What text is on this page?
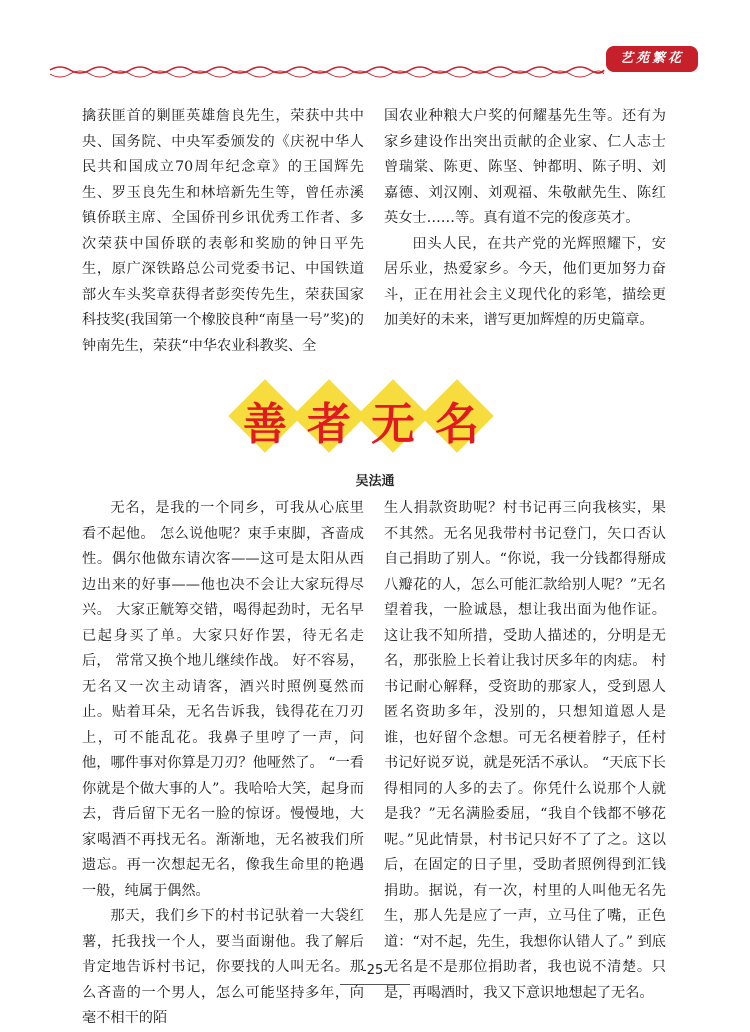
艺苑繁花

擒获匪首的剿匪英雄詹良先生，荣获中共中央、国务院、中央军委颁发的《庆祝中华人民共和国成立70周年纪念章》的王国辉先生、罗玉良先生和林培新先生等，曾任赤溪镇侨联主席、全国侨刊乡讯优秀工作者、多次荣获中国侨联的表彰和奖励的钟日平先生，原广深铁路总公司党委书记、中国铁道部火车头奖章获得者彭奕传先生，荣获国家科技奖(我国第一个橡胶良种“南垦一号”奖)的钟南先生，荣获“中华农业科教奖、全

国农业种粮大户奖的何耀基先生等。还有为家乡建设作出突出贡献的企业家、仁人志士曾瑞棠、陈更、陈坚、钟都明、陈子明、刘嘉德、刘汉刚、刘观福、朱敬献先生、陈红英女士……等。真有道不完的俊彦英才。

田头人民，在共产党的光辉照耀下，安居乐业，热爱家乡。今天，他们更加努力奋斗，正在用社会主义现代化的彩笔，描绘更加美好的未来，谱写更加辉煌的历史篇章。

善 者 无 名
吴法通

无名，是我的一个同乡，可我从心底里看不起他。 怎么说他呢？束手束脚，吝啬成性。偶尔他做东请次客——这可是太阳从西边出来的好事——他也决不会让大家玩得尽兴。 大家正觥筹交错，喝得起劲时，无名早已起身买了单。大家只好作罢，待无名走后， 常常又换个地儿继续作战。 好不容易，无名又一次主动请客，酒兴时照例戛然而止。贴着耳朵，无名告诉我，钱得花在刀刃上，可不能乱花。我鼻子里哼了一声，问他，哪件事对你算是刀刃？他哑然了。 “一看你就是个做大事的人”。我哈哈大笑，起身而去，背后留下无名一脸的惊讶。慢慢地，大家喝酒不再找无名。渐渐地，无名被我们所遗忘。再一次想起无名，像我生命里的艳遇一般，纯属于偶然。

那天，我们乡下的村书记驮着一大袋红薯，托我找一个人，要当面谢他。我了解后肯定地告诉村书记，你要找的人叫无名。那么吝啬的一个男人，怎么可能坚持多年，向毫不相干的陌

生人捐款资助呢？村书记再三向我核实，果不其然。无名见我带村书记登门，矢口否认自己捐助了别人。“你说，我一分钱都得掰成八瓣花的人，怎么可能汇款给别人呢？”无名望着我，一脸诚恳，想让我出面为他作证。这让我不知所措，受助人描述的，分明是无名，那张脸上长着让我讨厌多年的肉痣。 村书记耐心解释，受资助的那家人，受到恩人匿名资助多年，没别的，只想知道恩人是谁，也好留个念想。可无名梗着脖子，任村书记好说歹说，就是死活不承认。 “天底下长得相同的人多的去了。你凭什么说那个人就是我？”无名满脸委屈，“我自个钱都不够花呢。”见此情景，村书记只好不了了之。这以后，在固定的日子里，受助者照例得到汇钱捐助。据说，有一次，村里的人叫他无名先生，那人先是应了一声，立马住了嘴，正色道：“对不起，先生，我想你认错人了。” 到底无名是不是那位捐助者，我也说不清楚。只是，再喝酒时，我又下意识地想起了无名。

-25-
